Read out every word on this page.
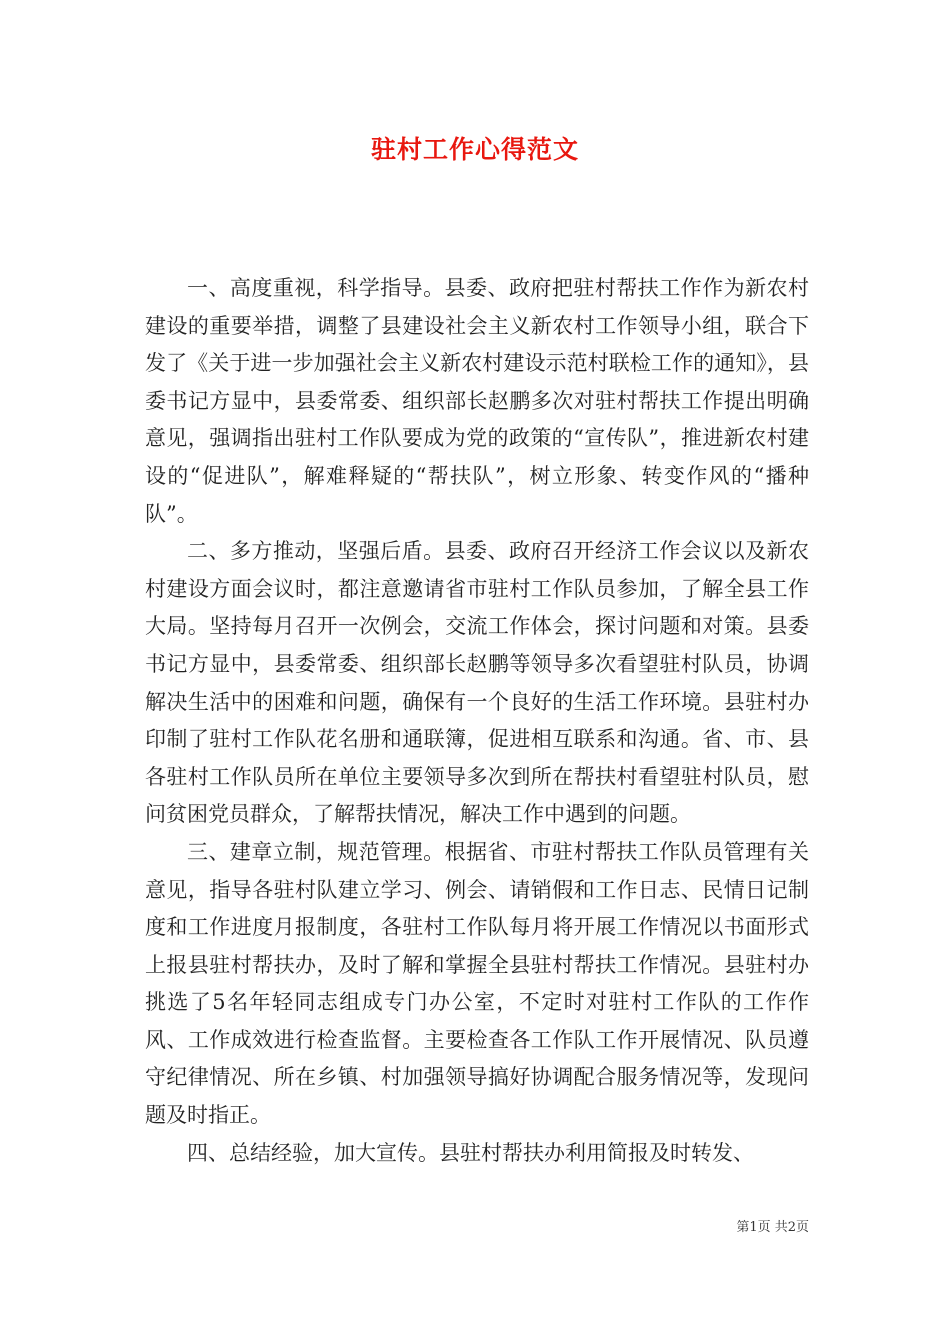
驻村工作心得范文

一、高度重视，科学指导。县委、政府把驻村帮扶工作作为新农村建设的重要举措，调整了县建设社会主义新农村工作领导小组，联合下发了《关于进一步加强社会主义新农村建设示范村联检工作的通知》，县委书记方显中，县委常委、组织部长赵鹏多次对驻村帮扶工作提出明确意见，强调指出驻村工作队要成为党的政策的“宣传队”，推进新农村建设的“促进队”，解难释疑的“帮扶队”，树立形象、转变作风的“播种队”。

二、多方推动，坚强后盾。县委、政府召开经济工作会议以及新农村建设方面会议时，都注意邀请省市驻村工作队员参加，了解全县工作大局。坚持每月召开一次例会，交流工作体会，探讨问题和对策。县委书记方显中，县委常委、组织部长赵鹏等领导多次看望驻村队员，协调解决生活中的困难和问题，确保有一个良好的生活工作环境。县驻村办印制了驻村工作队花名册和通联簿，促进相互联系和沟通。省、市、县各驻村工作队员所在单位主要领导多次到所在帮扶村看望驻村队员，慰问贫困党员群众，了解帮扶情况，解决工作中遇到的问题。

三、建章立制，规范管理。根据省、市驻村帮扶工作队员管理有关意见，指导各驻村队建立学习、例会、请销假和工作日志、民情日记制度和工作进度月报制度，各驻村工作队每月将开展工作情况以书面形式上报县驻村帮扶办，及时了解和掌握全县驻村帮扶工作情况。县驻村办挑选了5名年轻同志组成专门办公室，不定时对驻村工作队的工作作风、工作成效进行检查监督。主要检查各工作队工作开展情况、队员遵守纪律情况、所在乡镇、村加强领导搞好协调配合服务情况等，发现问题及时指正。

四、总结经验，加大宣传。县驻村帮扶办利用简报及时转发、

第1页 共2页
